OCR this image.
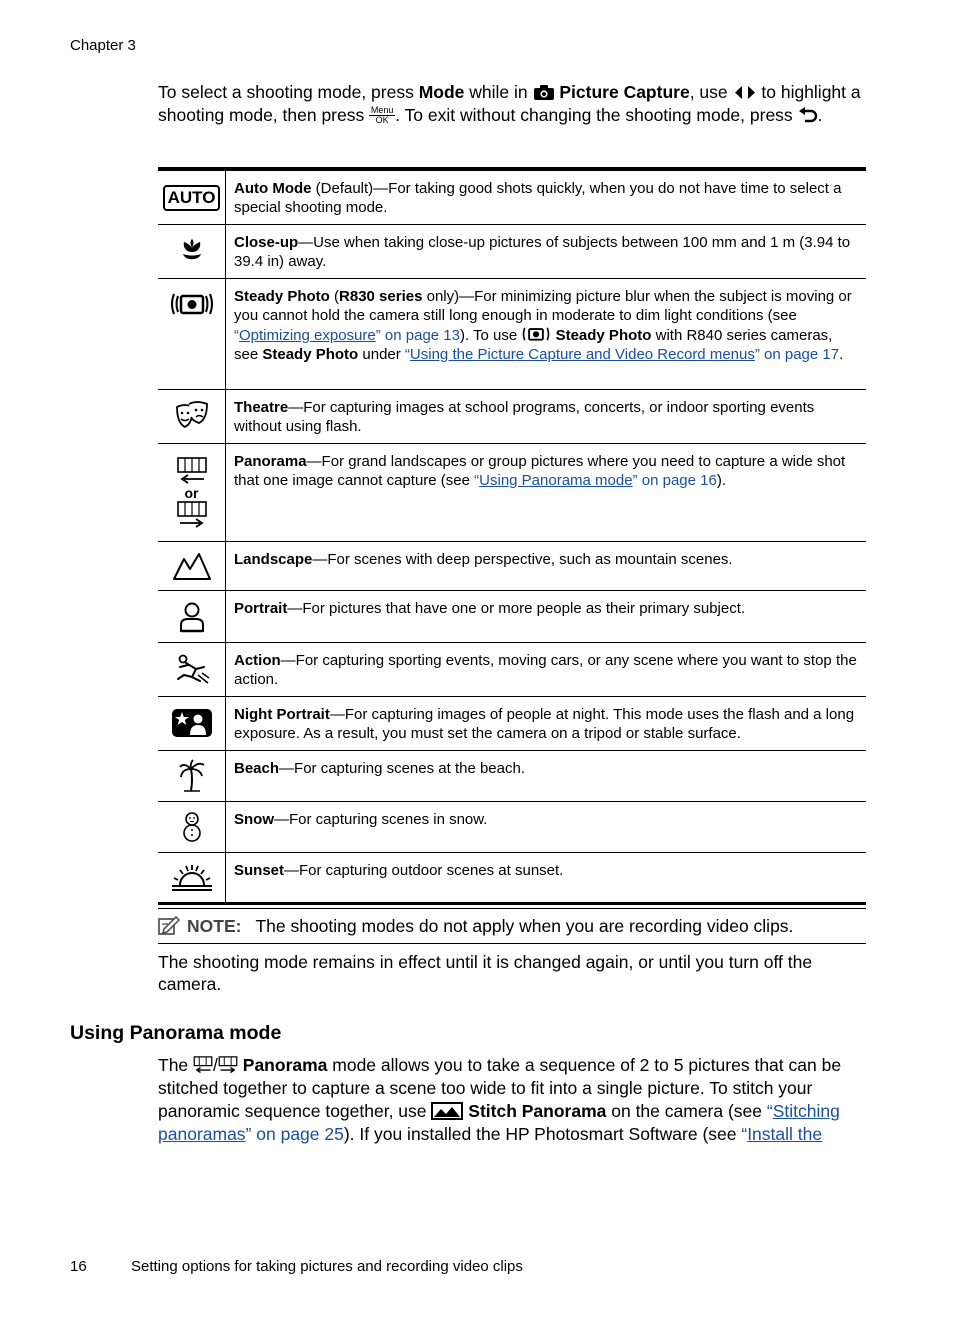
Chapter 3
To select a shooting mode, press Mode while in  Picture Capture, use  to highlight a shooting mode, then press Menu
OK . To exit without changing the shooting mode, press .
AUTO	Auto Mode (Default)—For taking good shots quickly, when you do not have time to select a special shooting mode.

	Close-up—Use when taking close-up pictures of subjects between 100 mm and 1 m (3.94 to 39.4 in) away.

	Steady Photo (R830 series only)—For minimizing picture blur when the subject is moving or you cannot hold the camera still long enough in moderate to dim light conditions (see “Optimizing exposure” on page 13). To use  Steady Photo with R840 series cameras, see Steady Photo under “Using the Picture Capture and Video Record menus” on page 17.

	Theatre—For capturing images at school programs, concerts, or indoor sporting events without using flash.

or	Panorama—For grand landscapes or group pictures where you need to capture a wide shot that one image cannot capture (see “Using Panorama mode” on page 16).

	Landscape—For scenes with deep perspective, such as mountain scenes.

	Portrait—For pictures that have one or more people as their primary subject.

	Action—For capturing sporting events, moving cars, or any scene where you want to stop the action.

	Night Portrait—For capturing images of people at night. This mode uses the flash and a long exposure. As a result, you must set the camera on a tripod or stable surface.

	Beach—For capturing scenes at the beach.

	Snow—For capturing scenes in snow.

	Sunset—For capturing outdoor scenes at sunset.
NOTE: The shooting modes do not apply when you are recording video clips.
The shooting mode remains in effect until it is changed again, or until you turn off the camera.
Using Panorama mode
The / Panorama mode allows you to take a sequence of 2 to 5 pictures that can be stitched together to capture a scene too wide to fit into a single picture. To stitch your panoramic sequence together, use  Stitch Panorama on the camera (see “Stitching panoramas” on page 25). If you installed the HP Photosmart Software (see “Install the
16	Setting options for taking pictures and recording video clips
